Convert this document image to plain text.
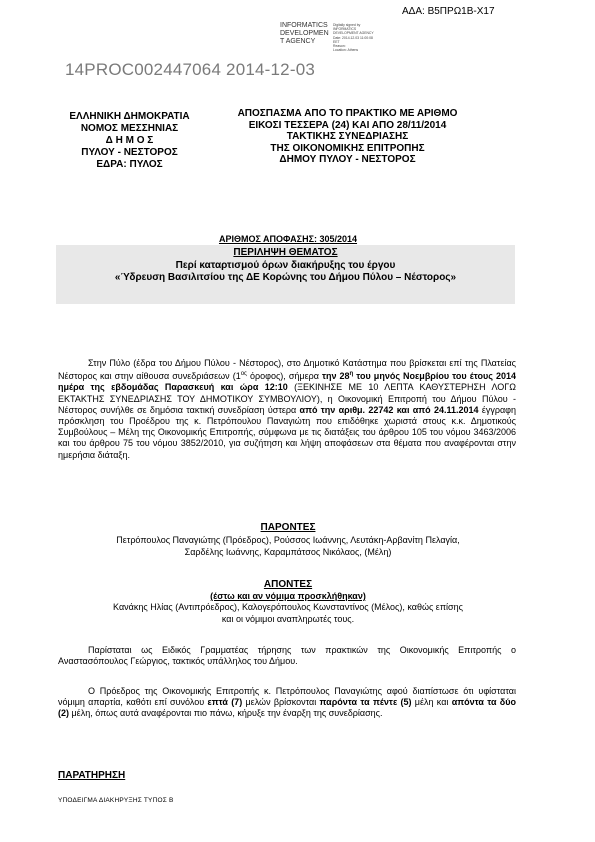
ΑΔΑ: Β5ΠΡΩ1Β-Χ17
INFORMATICS
DEVELOPMEN
T AGENCY
Digitally signed by
INFORMATICS
DEVELOPMENT AGENCY
Date: 2014.12.03 11:00:08
EET
Reason:
Location: Athens
14PROC002447064 2014-12-03
ΕΛΛΗΝΙΚΗ ΔΗΜΟΚΡΑΤΙΑ
ΝΟΜΟΣ ΜΕΣΣΗΝΙΑΣ
Δ Η Μ Ο Σ
ΠΥΛΟΥ - ΝΕΣΤΟΡΟΣ
ΕΔΡΑ: ΠΥΛΟΣ
ΑΠΟΣΠΑΣΜΑ ΑΠΟ ΤΟ ΠΡΑΚΤΙΚΟ ΜΕ ΑΡΙΘΜΟ
ΕΙΚΟΣΙ ΤΕΣΣΕΡΑ (24) ΚΑΙ ΑΠΟ 28/11/2014
ΤΑΚΤΙΚΗΣ ΣΥΝΕΔΡΙΑΣΗΣ
ΤΗΣ ΟΙΚΟΝΟΜΙΚΗΣ ΕΠΙΤΡΟΠΗΣ
ΔΗΜΟΥ ΠΥΛΟΥ - ΝΕΣΤΟΡΟΣ
ΑΡΙΘΜΟΣ ΑΠΟΦΑΣΗΣ: 305/2014
ΠΕΡΙΛΗΨΗ ΘΕΜΑΤΟΣ
Περί καταρτισμού όρων διακήρυξης του έργου
«Ύδρευση Βασιλιτσίου της ΔΕ Κορώνης του Δήμου Πύλου – Νέστορος»
Στην Πύλο (έδρα του Δήμου Πύλου - Νέστορος), στο Δημοτικό Κατάστημα που βρίσκεται επί της Πλατείας Νέστορος και στην αίθουσα συνεδριάσεων ($1^{o\varsigma}$ όροφος), σήμερα την $28^\eta$ του μηνός Νοεμβρίου του έτους 2014 ημέρα της εβδομάδας Παρασκευή και ώρα 12:10 (ΞΕΚΙΝΗΣΕ ΜΕ 10 ΛΕΠΤΑ ΚΑΘΥΣΤΕΡΗΣΗ ΛΟΓΩ ΕΚΤΑΚΤΗΣ ΣΥΝΕΔΡΙΑΣΗΣ ΤΟΥ ΔΗΜΟΤΙΚΟΥ ΣΥΜΒΟΥΛΙΟΥ), η Οικονομική Επιτροπή του Δήμου Πύλου - Νέστορος συνήλθε σε δημόσια τακτική συνεδρίαση ύστερα από την αριθμ. 22742 και από 24.11.2014 έγγραφη πρόσκληση του Προέδρου της κ. Πετρόπουλου Παναγιώτη που επιδόθηκε χωριστά στους κ.κ. Δημοτικούς Συμβούλους – Μέλη της Οικονομικής Επιτροπής, σύμφωνα με τις διατάξεις του άρθρου 105 του νόμου 3463/2006 και του άρθρου 75 του νόμου 3852/2010, για συζήτηση και λήψη αποφάσεων στα θέματα που αναφέρονται στην ημερήσια διάταξη.
ΠΑΡΟΝΤΕΣ
Πετρόπουλος Παναγιώτης (Πρόεδρος), Ρούσσος Ιωάννης, Λευτάκη-Αρβανίτη Πελαγία,
Σαρδέλης Ιωάννης, Καραμπάτσος Νικόλαος, (Μέλη)
ΑΠΟΝΤΕΣ
(έστω και αν νόμιμα προσκλήθηκαν)
Κανάκης Ηλίας (Αντιπρόεδρος), Καλογερόπουλος Κωνσταντίνος (Μέλος), καθώς επίσης
και οι νόμιμοι αναπληρωτές τους.
Παρίσταται ως Ειδικός Γραμματέας τήρησης των πρακτικών της Οικονομικής Επιτροπής ο Αναστασόπουλος Γεώργιος, τακτικός υπάλληλος του Δήμου.
Ο Πρόεδρος της Οικονομικής Επιτροπής κ. Πετρόπουλος Παναγιώτης αφού διαπίστωσε ότι υφίσταται νόμιμη απαρτία, καθότι επί συνόλου επτά (7) μελών βρίσκονται παρόντα τα πέντε (5) μέλη και απόντα τα δύο (2) μέλη, όπως αυτά αναφέρονται πιο πάνω, κήρυξε την έναρξη της συνεδρίασης.
ΠΑΡΑΤΗΡΗΣΗ
ΥΠΟΔΕΙΓΜΑ ΔΙΑΚΗΡΥΞΗΣ ΤΥΠΟΣ Β
